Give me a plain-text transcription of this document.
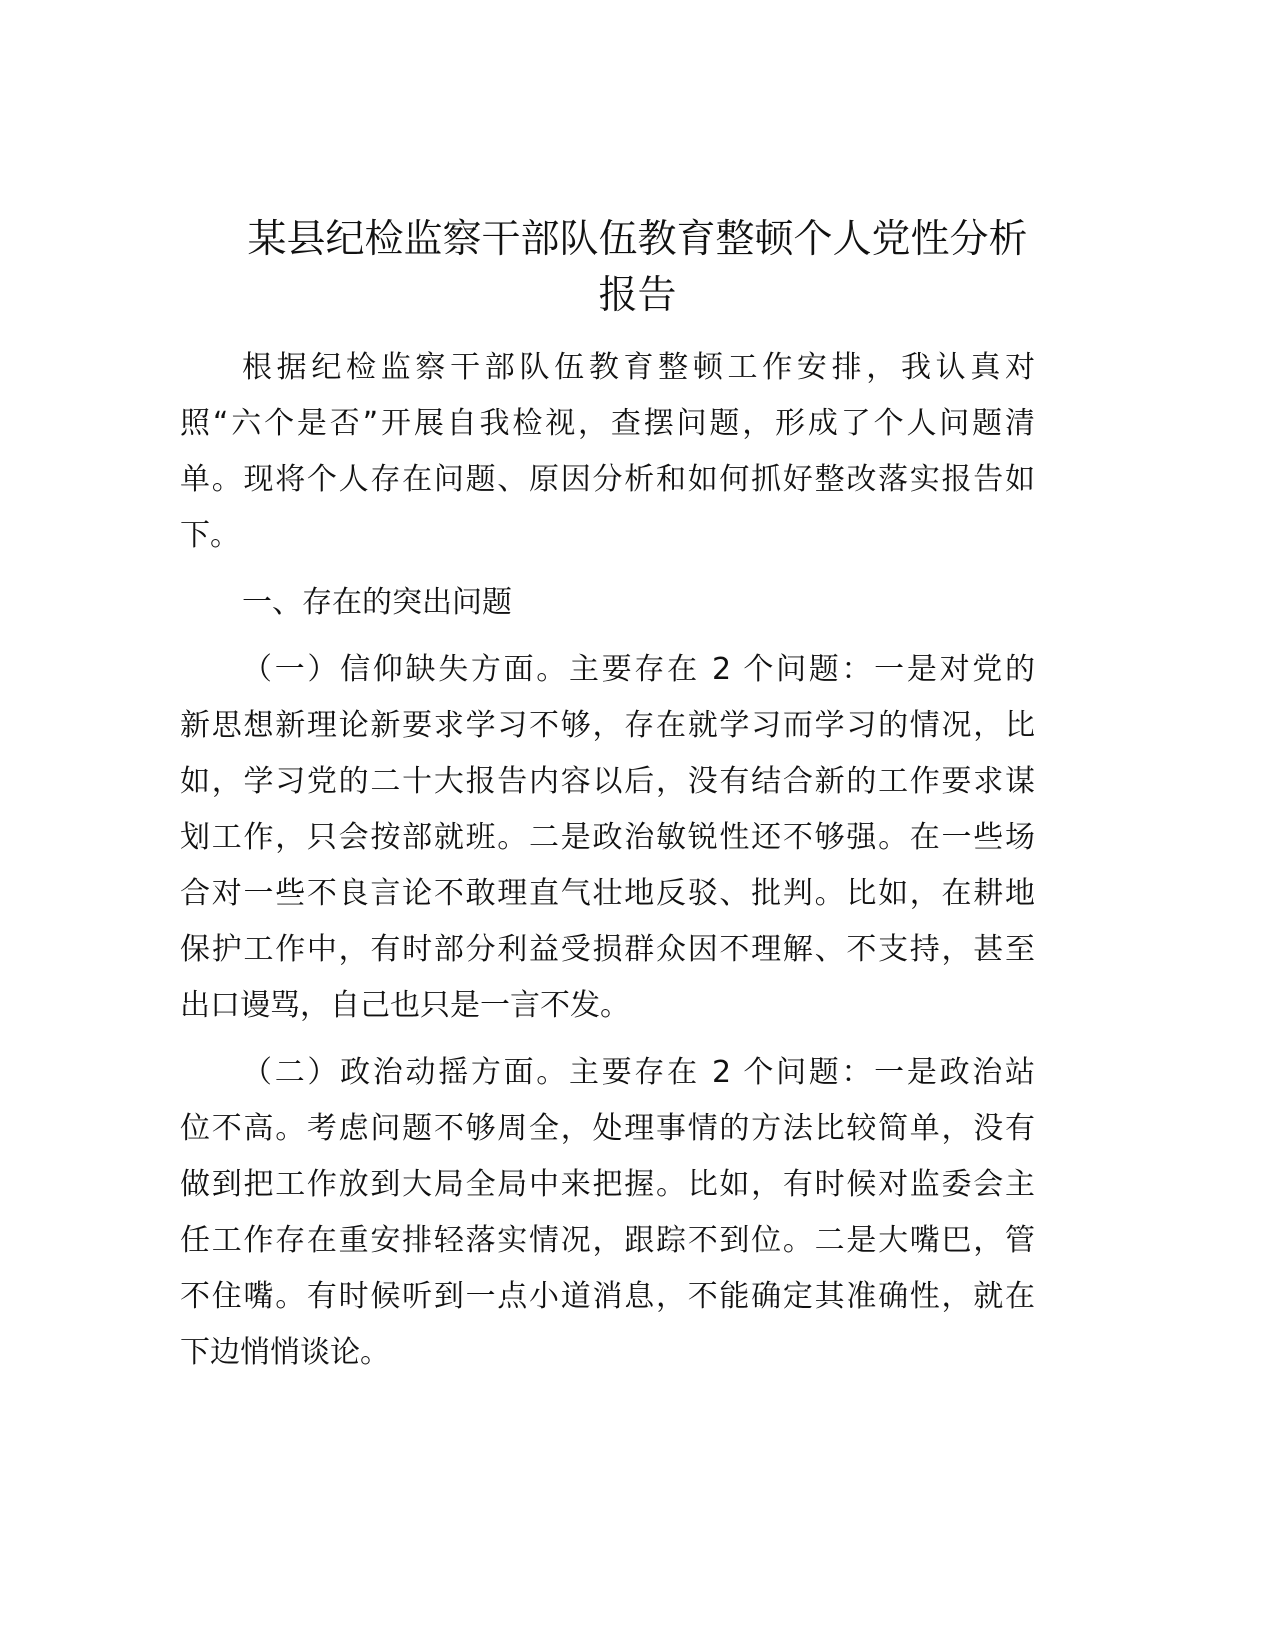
某县纪检监察干部队伍教育整顿个人党性分析
报告
根据纪检监察干部队伍教育整顿工作安排，我认真对
照“六个是否”开展自我检视，查摆问题，形成了个人问题清
单。现将个人存在问题、原因分析和如何抓好整改落实报告如
下。
一、存在的突出问题
（一）信仰缺失方面。主要存在 2 个问题：一是对党的
新思想新理论新要求学习不够，存在就学习而学习的情况，比
如，学习党的二十大报告内容以后，没有结合新的工作要求谋
划工作，只会按部就班。二是政治敏锐性还不够强。在一些场
合对一些不良言论不敢理直气壮地反驳、批判。比如，在耕地
保护工作中，有时部分利益受损群众因不理解、不支持，甚至
出口谩骂，自己也只是一言不发。
（二）政治动摇方面。主要存在 2 个问题：一是政治站
位不高。考虑问题不够周全，处理事情的方法比较简单，没有
做到把工作放到大局全局中来把握。比如，有时候对监委会主
任工作存在重安排轻落实情况，跟踪不到位。二是大嘴巴，管
不住嘴。有时候听到一点小道消息，不能确定其准确性，就在
下边悄悄谈论。
